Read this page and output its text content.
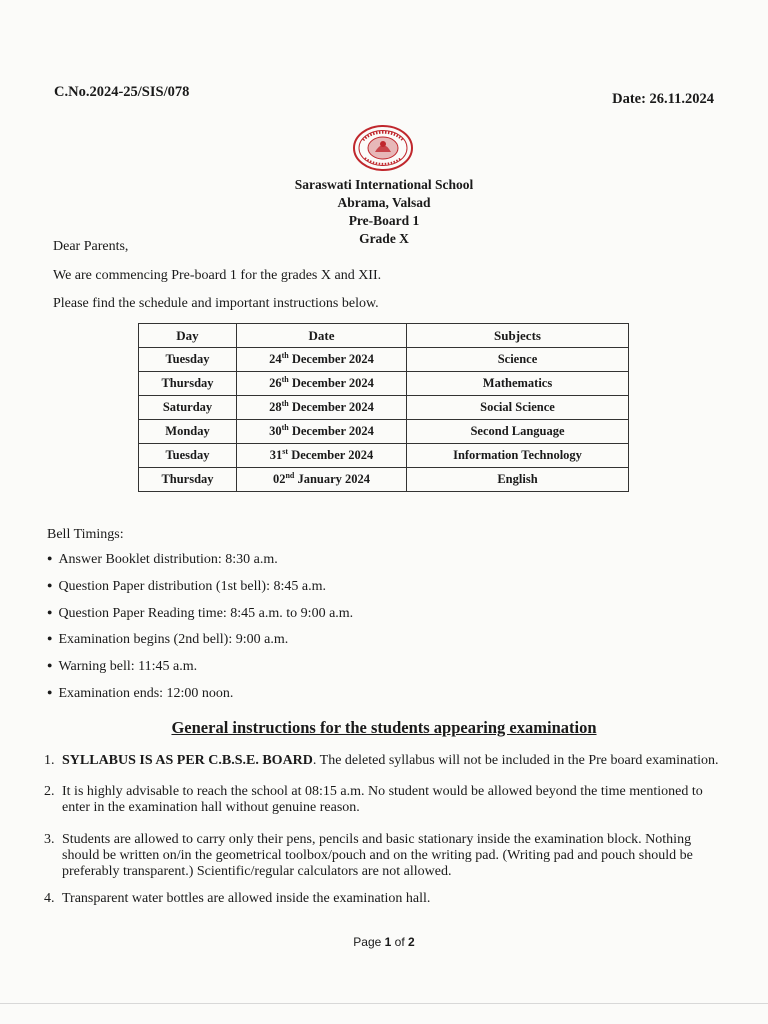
C.No.2024-25/SIS/078	Date: 26.11.2024
Saraswati International School
Abrama, Valsad
Pre-Board 1
Grade X
Dear Parents,
We are commencing Pre-board 1 for the grades X and XII.
Please find the schedule and important instructions below.
Day	Date	Subjects
Tuesday	24th December 2024	Science
Thursday	26th December 2024	Mathematics
Saturday	28th December 2024	Social Science
Monday	30th December 2024	Second Language
Tuesday	31st December 2024	Information Technology
Thursday	02nd January 2024	English
Bell Timings:
● Answer Booklet distribution: 8:30 a.m.
● Question Paper distribution (1st bell): 8:45 a.m.
● Question Paper Reading time: 8:45 a.m. to 9:00 a.m.
● Examination begins (2nd bell): 9:00 a.m.
● Warning bell: 11:45 a.m.
● Examination ends: 12:00 noon.
General instructions for the students appearing examination
1. SYLLABUS IS AS PER C.B.S.E. BOARD. The deleted syllabus will not be included in the Pre board examination.
2. It is highly advisable to reach the school at 08:15 a.m. No student would be allowed beyond the time mentioned to enter in the examination hall without genuine reason.
3. Students are allowed to carry only their pens, pencils and basic stationary inside the examination block. Nothing should be written on/in the geometrical toolbox/pouch and on the writing pad. (Writing pad and pouch should be preferably transparent.) Scientific/regular calculators are not allowed.
4. Transparent water bottles are allowed inside the examination hall.
Page 1 of 2
